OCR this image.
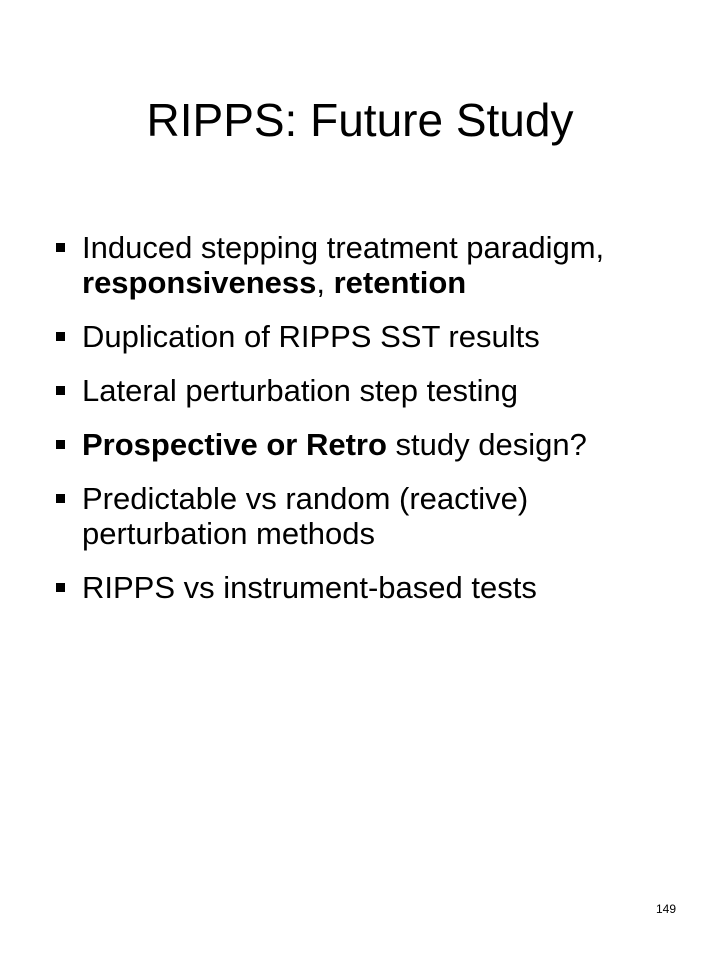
RIPPS: Future Study
Induced stepping treatment paradigm, responsiveness, retention
Duplication of RIPPS SST results
Lateral perturbation step testing
Prospective or Retro study design?
Predictable vs random (reactive) perturbation methods
RIPPS vs instrument-based tests
149
